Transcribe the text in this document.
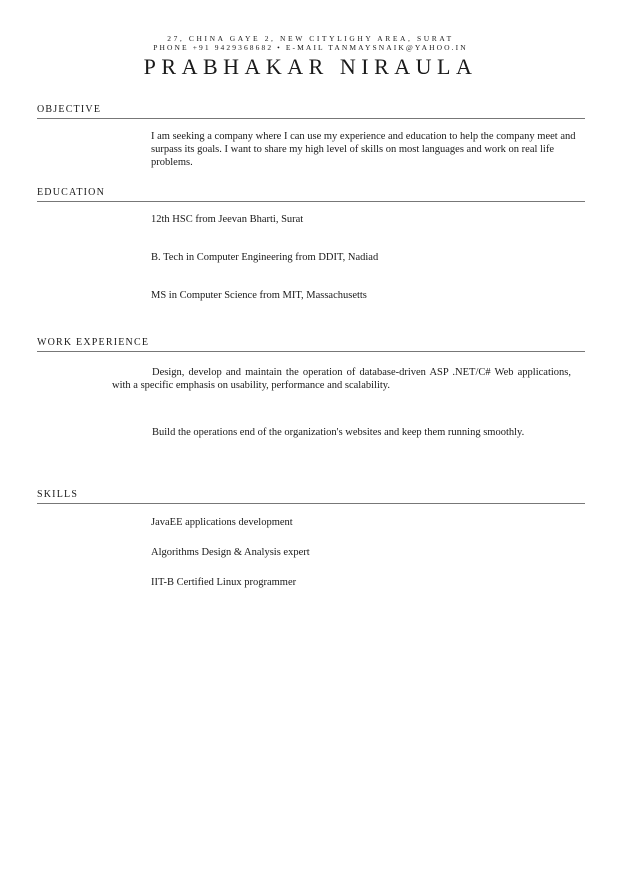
27, CHINA GAYE 2, NEW CITYLIGHY AREA, SURAT
PHONE +91 9429368682 • E-MAIL TANMAYSNAIK@YAHOO.IN
PRABHAKAR NIRAULA
OBJECTIVE
I am seeking a company where I can use my experience and education to help the company meet and surpass its goals. I want to share my high level of skills on most languages and work on real life problems.
EDUCATION
12th HSC from Jeevan Bharti, Surat
B. Tech in Computer Engineering from DDIT, Nadiad
MS in Computer Science from MIT, Massachusetts
WORK EXPERIENCE
Design, develop and maintain the operation of database-driven ASP .NET/C# Web applications, with a specific emphasis on usability, performance and scalability.
Build the operations end of the organization's websites and keep them running smoothly.
SKILLS
JavaEE applications development
Algorithms Design & Analysis expert
IIT-B Certified Linux programmer
